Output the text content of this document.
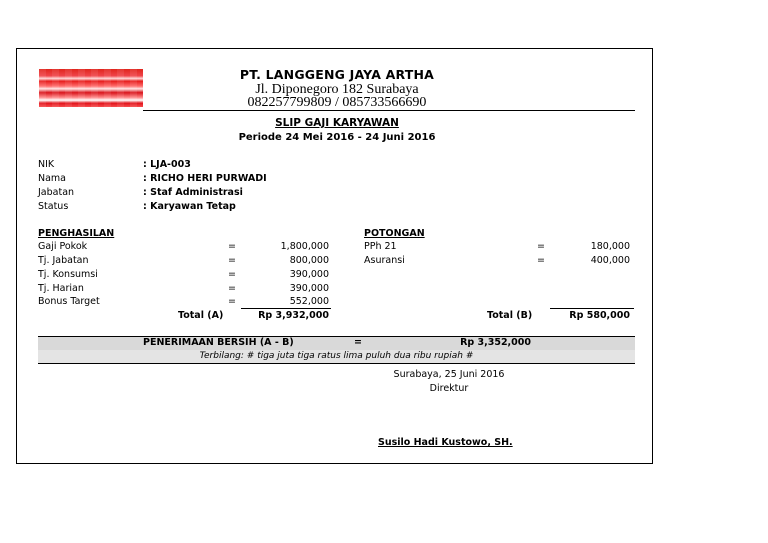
PT. LANGGENG JAYA ARTHA
Jl. Diponegoro 182 Surabaya
082257799809 / 085733566690
SLIP GAJI KARYAWAN
Periode 24 Mei 2016 - 24 Juni 2016
NIK	: LJA-003
Nama	: RICHO HERI PURWADI
Jabatan	: Staf Administrasi
Status	: Karyawan Tetap
PENGHASILAN
Gaji Pokok	=	1,800,000
Tj. Jabatan	=	800,000
Tj. Konsumsi	=	390,000
Tj. Harian	=	390,000
Bonus Target	=	552,000
Total (A)	Rp 3,932,000
POTONGAN
PPh 21	=	180,000
Asuransi	=	400,000
Total (B)	Rp 580,000
PENERIMAAN BERSIH (A - B)	=	Rp 3,352,000
Terbilang: # tiga juta tiga ratus lima puluh dua ribu rupiah #
Surabaya, 25 Juni 2016
Direktur
Susilo Hadi Kustowo, SH.
